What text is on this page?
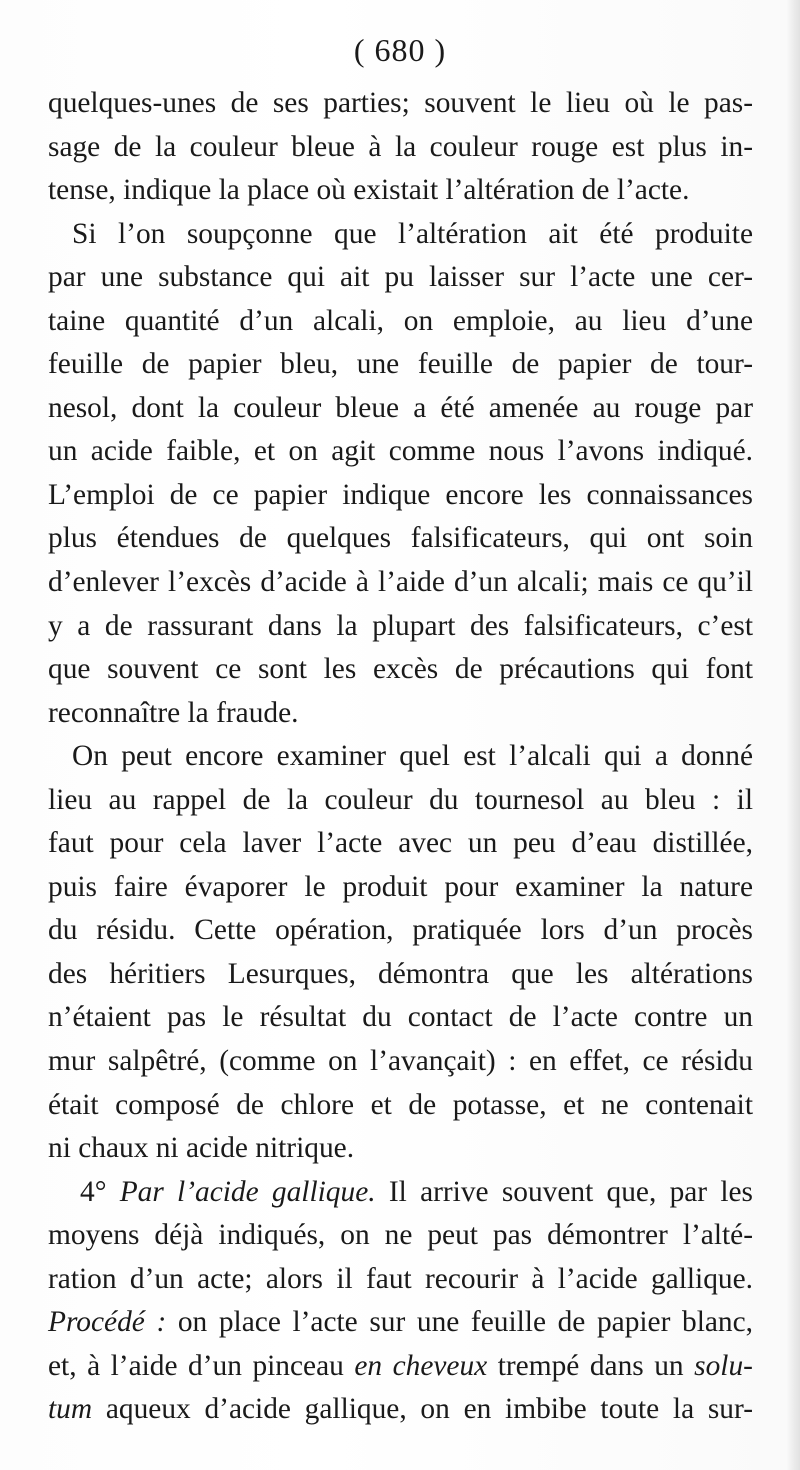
( 680 )
quelques-unes de ses parties; souvent le lieu où le pas-
sage de la couleur bleue à la couleur rouge est plus in-
tense, indique la place où existait l’altération de l’acte.
Si l’on soupçonne que l’altération ait été produite
par une substance qui ait pu laisser sur l’acte une cer-
taine quantité d’un alcali, on emploie, au lieu d’une
feuille de papier bleu, une feuille de papier de tour-
nesol, dont la couleur bleue a été amenée au rouge par
un acide faible, et on agit comme nous l’avons indiqué.
L’emploi de ce papier indique encore les connaissances
plus étendues de quelques falsificateurs, qui ont soin
d’enlever l’excès d’acide à l’aide d’un alcali; mais ce qu’il
y a de rassurant dans la plupart des falsificateurs, c’est
que souvent ce sont les excès de précautions qui font
reconnaître la fraude.
On peut encore examiner quel est l’alcali qui a donné
lieu au rappel de la couleur du tournesol au bleu : il
faut pour cela laver l’acte avec un peu d’eau distillée,
puis faire évaporer le produit pour examiner la nature
du résidu. Cette opération, pratiquée lors d’un procès
des héritiers Lesurques, démontra que les altérations
n’étaient pas le résultat du contact de l’acte contre un
mur salpêtré, (comme on l’avançait) : en effet, ce résidu
était composé de chlore et de potasse, et ne contenait
ni chaux ni acide nitrique.
4° Par l’acide gallique. Il arrive souvent que, par les
moyens déjà indiqués, on ne peut pas démontrer l’alté-
ration d’un acte; alors il faut recourir à l’acide gallique.
Procédé : on place l’acte sur une feuille de papier blanc,
et, à l’aide d’un pinceau en cheveux trempé dans un solu-
tum aqueux d’acide gallique, on en imbibe toute la sur-
